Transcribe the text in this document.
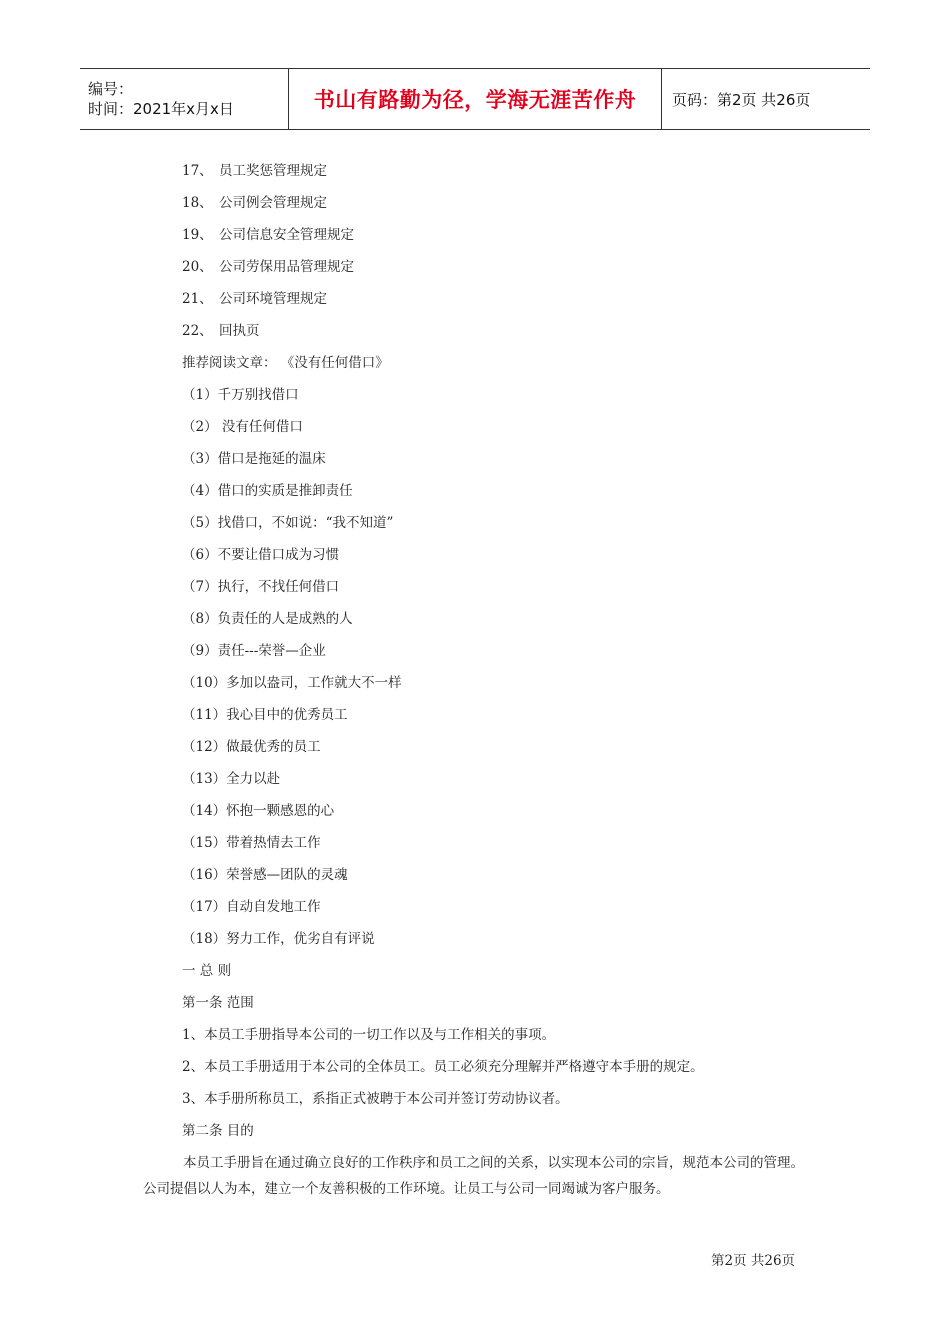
编号：
时间：2021年x月x日	书山有路勤为径，学海无涯苦作舟 页码：第2页 共26页
17、 员工奖惩管理规定
18、 公司例会管理规定
19、 公司信息安全管理规定
20、 公司劳保用品管理规定
21、 公司环境管理规定
22、 回执页
推荐阅读文章： 《没有任何借口》
（1）千万别找借口
（2） 没有任何借口
（3）借口是拖延的温床
（4）借口的实质是推卸责任
（5）找借口，不如说：“我不知道”
（6）不要让借口成为习惯
（7）执行，不找任何借口
（8）负责任的人是成熟的人
（9）责任---荣誉—企业
（10）多加以盎司，工作就大不一样
（11）我心目中的优秀员工
（12）做最优秀的员工
（13）全力以赴
（14）怀抱一颗感恩的心
（15）带着热情去工作
（16）荣誉感—团队的灵魂
（17）自动自发地工作
（18）努力工作，优劣自有评说
一 总 则
第一条 范围
1、本员工手册指导本公司的一切工作以及与工作相关的事项。
2、本员工手册适用于本公司的全体员工。员工必须充分理解并严格遵守本手册的规定。
3、本手册所称员工，系指正式被聘于本公司并签订劳动协议者。
第二条 目的
本员工手册旨在通过确立良好的工作秩序和员工之间的关系，以实现本公司的宗旨，规范本公司的管理。公司提倡以人为本，建立一个友善积极的工作环境。让员工与公司一同竭诚为客户服务。
第2页 共26页
